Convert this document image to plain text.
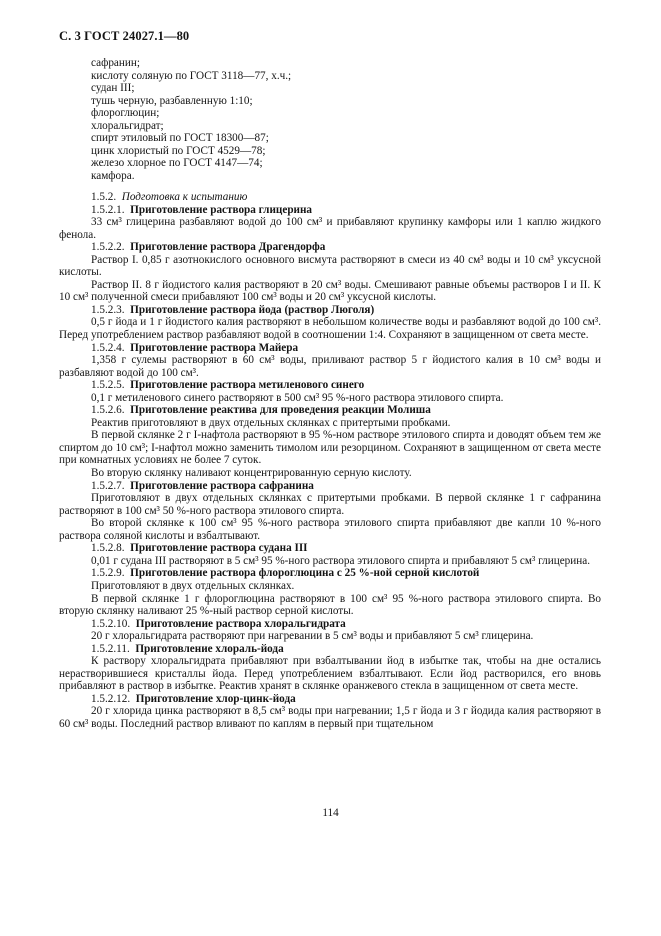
С. 3 ГОСТ 24027.1—80
сафранин;
кислоту соляную по ГОСТ 3118—77, х.ч.;
судан III;
тушь черную, разбавленную 1:10;
флороглюцин;
хлоральгидрат;
спирт этиловый по ГОСТ 18300—87;
цинк хлористый по ГОСТ 4529—78;
железо хлорное по ГОСТ 4147—74;
камфора.

1.5.2. Подготовка к испытанию

1.5.2.1. Приготовление раствора глицерина

33 см³ глицерина разбавляют водой до 100 см³ и прибавляют крупинку камфоры или 1 каплю жидкого фенола.

1.5.2.2. Приготовление раствора Драгендорфа

Раствор I. 0,85 г азотнокислого основного висмута растворяют в смеси из 40 см³ воды и 10 см³ уксусной кислоты.

Раствор II. 8 г йодистого калия растворяют в 20 см³ воды. Смешивают равные объемы растворов I и II. К 10 см³ полученной смеси прибавляют 100 см³ воды и 20 см³ уксусной кислоты.

1.5.2.3. Приготовление раствора йода (раствор Люголя)

0,5 г йода и 1 г йодистого калия растворяют в небольшом количестве воды и разбавляют водой до 100 см³. Перед употреблением раствор разбавляют водой в соотношении 1:4. Сохраняют в защищенном от света месте.

1.5.2.4. Приготовление раствора Майера

1,358 г сулемы растворяют в 60 см³ воды, приливают раствор 5 г йодистого калия в 10 см³ воды и разбавляют водой до 100 см³.

1.5.2.5. Приготовление раствора метиленового синего

0,1 г метиленового синего растворяют в 500 см³ 95 %-ного раствора этилового спирта.

1.5.2.6. Приготовление реактива для проведения реакции Молиша

Реактив приготовляют в двух отдельных склянках с притертыми пробками.

В первой склянке 2 г I-нафтола растворяют в 95 %-ном растворе этилового спирта и доводят объем тем же спиртом до 10 см³; I-нафтол можно заменить тимолом или резорцином. Сохраняют в защищенном от света месте при комнатных условиях не более 7 суток.

Во вторую склянку наливают концентрированную серную кислоту.

1.5.2.7. Приготовление раствора сафранина

Приготовляют в двух отдельных склянках с притертыми пробками. В первой склянке 1 г сафранина растворяют в 100 см³ 50 %-ного раствора этилового спирта.

Во второй склянке к 100 см³ 95 %-ного раствора этилового спирта прибавляют две капли 10 %-ного раствора соляной кислоты и взбалтывают.

1.5.2.8. Приготовление раствора судана III

0,01 г судана III растворяют в 5 см³ 95 %-ного раствора этилового спирта и прибавляют 5 см³ глицерина.

1.5.2.9. Приготовление раствора флороглюцина с 25 %-ной серной кислотой

Приготовляют в двух отдельных склянках.

В первой склянке 1 г флороглюцина растворяют в 100 см³ 95 %-ного раствора этилового спирта. Во вторую склянку наливают 25 %-ный раствор серной кислоты.

1.5.2.10. Приготовление раствора хлоральгидрата

20 г хлоральгидрата растворяют при нагревании в 5 см³ воды и прибавляют 5 см³ глицерина.

1.5.2.11. Приготовление хлораль-йода

К раствору хлоральгидрата прибавляют при взбалтывании йод в избытке так, чтобы на дне остались нерастворившиеся кристаллы йода. Перед употреблением взбалтывают. Если йод растворился, его вновь прибавляют в раствор в избытке. Реактив хранят в склянке оранжевого стекла в защищенном от света месте.

1.5.2.12. Приготовление хлор-цинк-йода

20 г хлорида цинка растворяют в 8,5 см³ воды при нагревании; 1,5 г йода и 3 г йодида калия растворяют в 60 см³ воды. Последний раствор вливают по каплям в первый при тщательном

114
